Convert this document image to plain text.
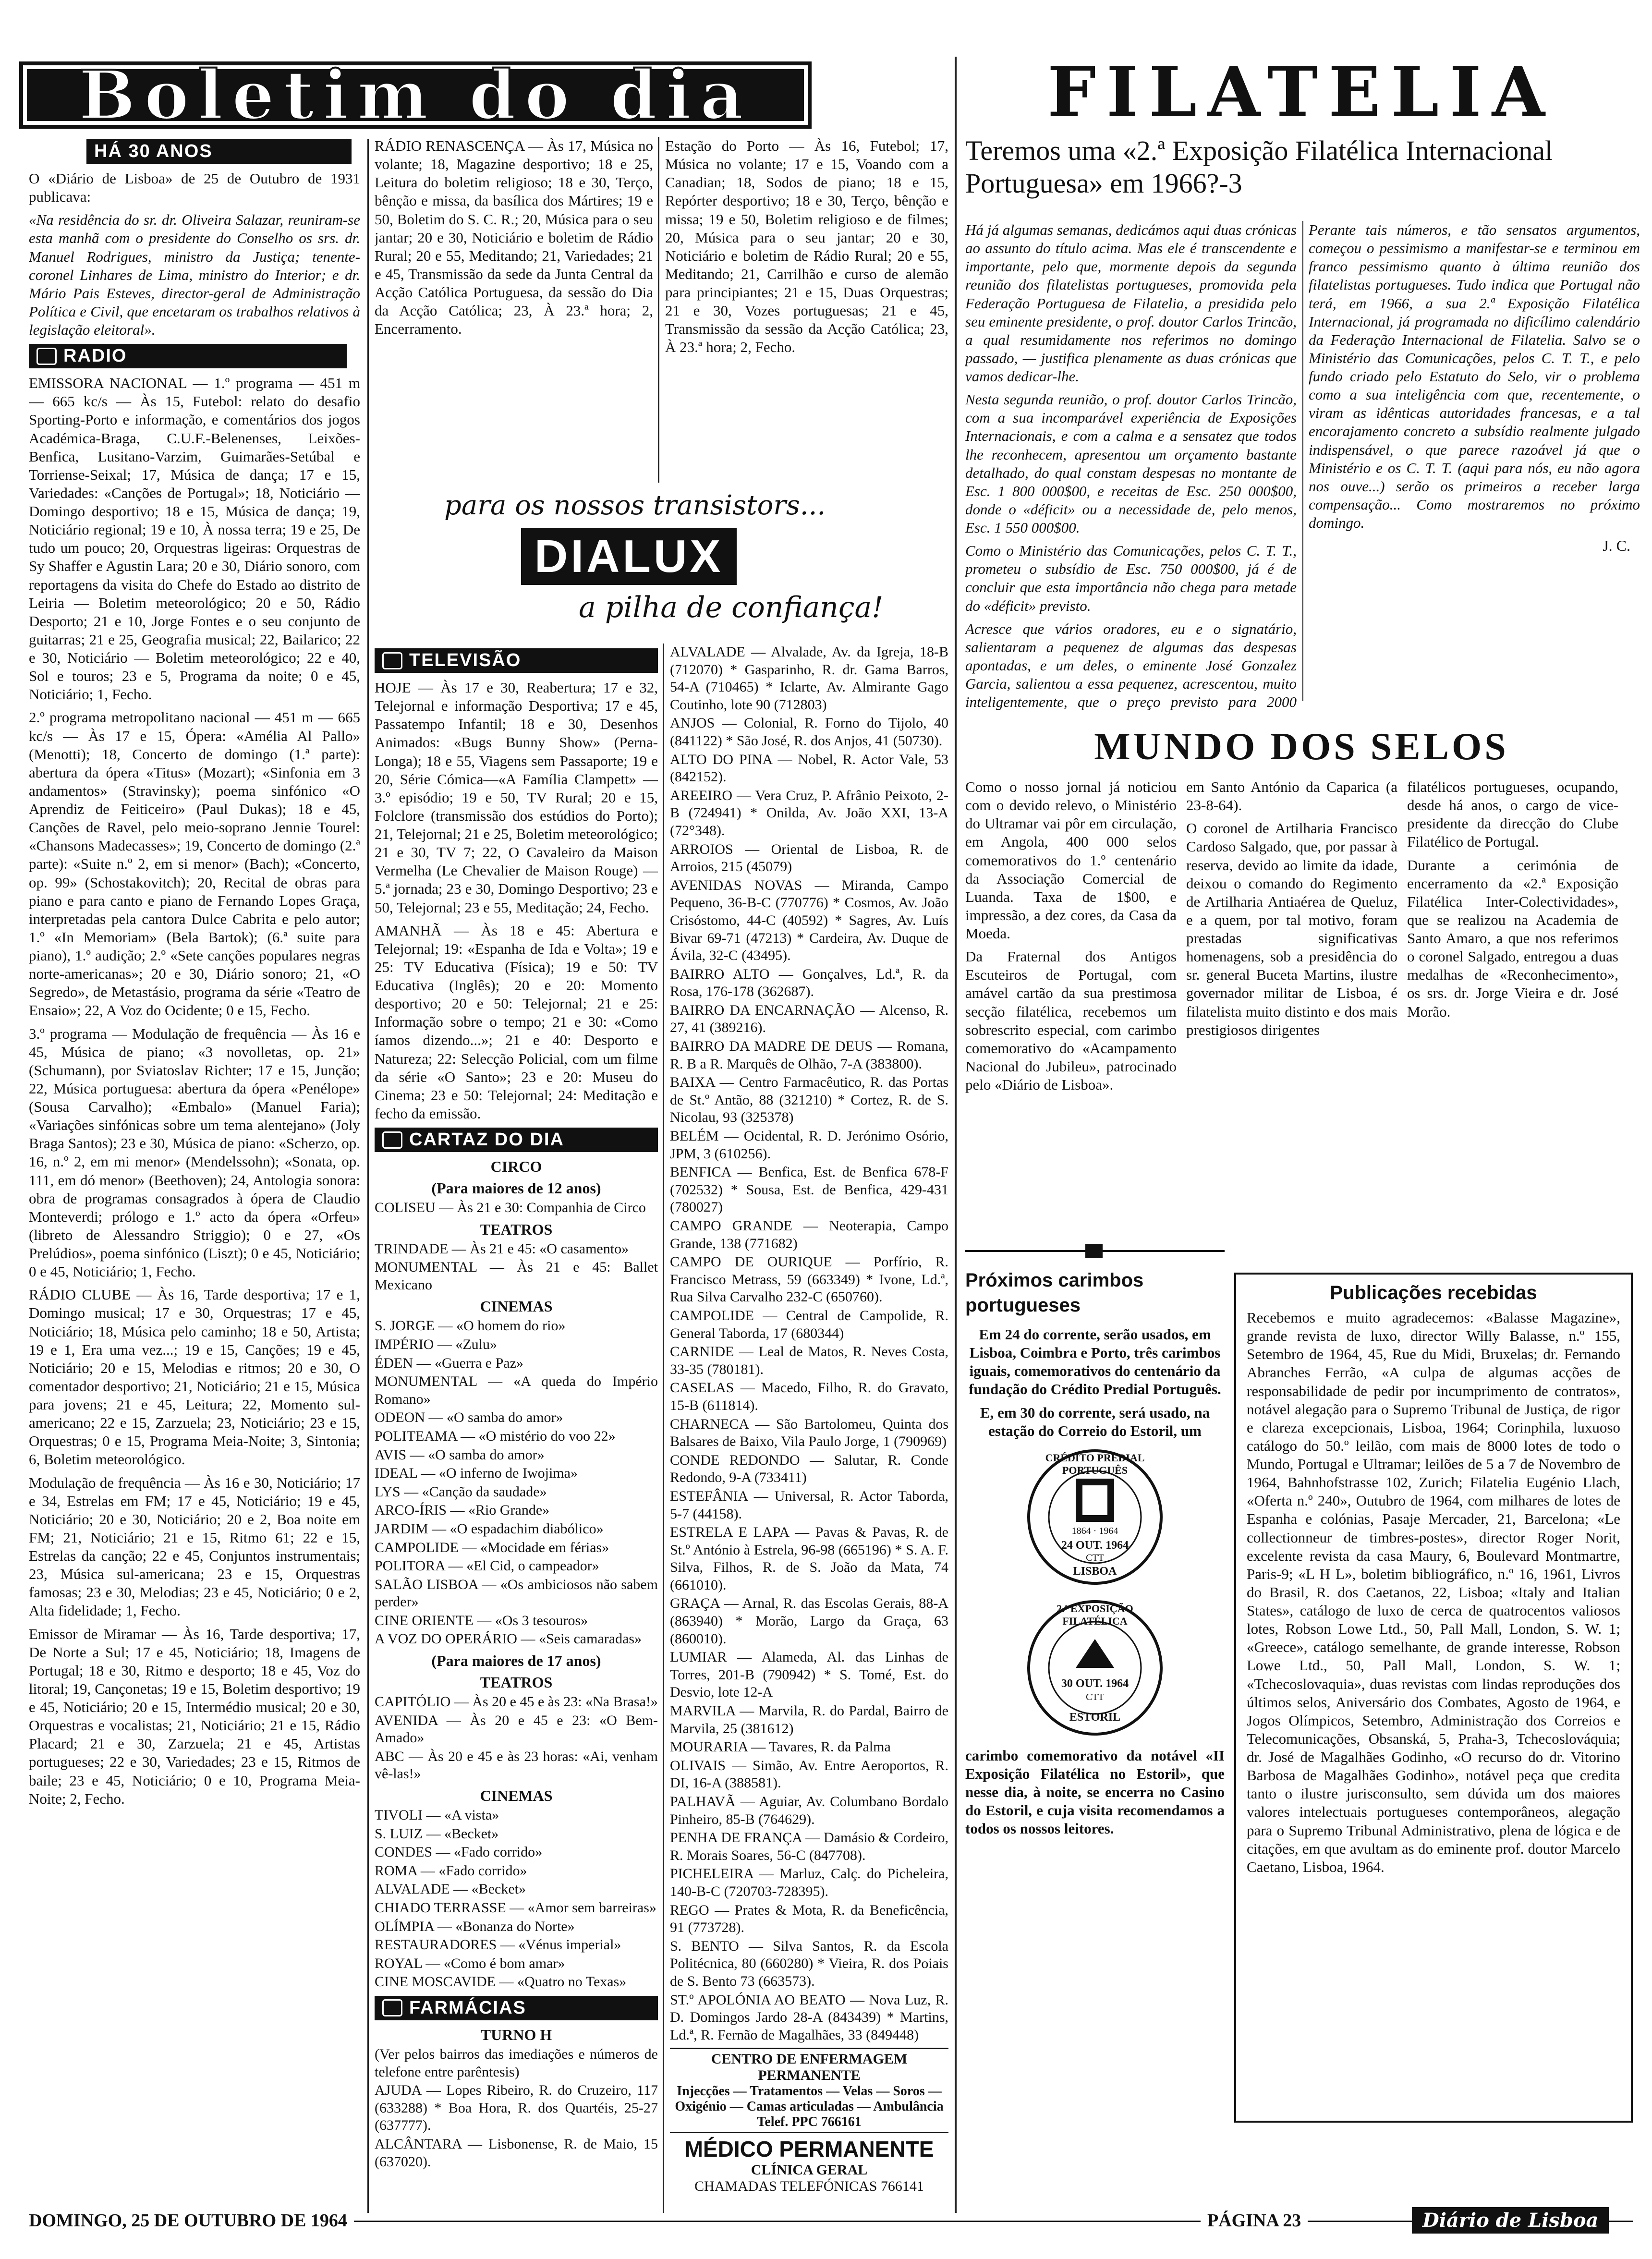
Boletim do dia
HÁ 30 ANOS

O «Diário de Lisboa» de 25 de Outubro de 1931 publicava:

«Na residência do sr. dr. Oliveira Salazar, reuniram-se esta manhã com o presidente do Conselho os srs. dr. Manuel Rodrigues, ministro da Justiça; tenente-coronel Linhares de Lima, ministro do Interior; e dr. Mário Pais Esteves, director-geral de Administração Política e Civil, que encetaram os trabalhos relativos à legislação eleitoral».

RADIO

EMISSORA NACIONAL — 1.º programa — 451 m — 665 kc/s — Às 15, Futebol: relato do desafio Sporting-Porto e informação, e comentários dos jogos Académica-Braga, C.U.F.-Belenenses, Leixões-Benfica, Lusitano-Varzim, Guimarães-Setúbal e Torriense-Seixal; 17, Música de dança; 17 e 15, Variedades: «Canções de Portugal»; 18, Noticiário — Domingo desportivo; 18 e 15, Música de dança; 19, Noticiário regional; 19 e 10, À nossa terra; 19 e 25, De tudo um pouco; 20, Orquestras ligeiras: Orquestras de Sy Shaffer e Agustin Lara; 20 e 30, Diário sonoro, com reportagens da visita do Chefe do Estado ao distrito de Leiria — Boletim meteorológico; 20 e 50, Rádio Desporto; 21 e 10, Jorge Fontes e o seu conjunto de guitarras; 21 e 25, Geografia musical; 22, Bailarico; 22 e 30, Noticiário — Boletim meteorológico; 22 e 40, Sol e touros; 23 e 5, Programa da noite; 0 e 45, Noticiário; 1, Fecho.

2.º programa metropolitano nacional — 451 m — 665 kc/s — Às 17 e 15, Ópera: «Amélia Al Pallo» (Menotti); 18, Concerto de domingo (1.ª parte): abertura da ópera «Titus» (Mozart); «Sinfonia em 3 andamentos» (Stravinsky); poema sinfónico «O Aprendiz de Feiticeiro» (Paul Dukas); 18 e 45, Canções de Ravel, pelo meio-soprano Jennie Tourel: «Chansons Madecasses»; 19, Concerto de domingo (2.ª parte): «Suite n.º 2, em si menor» (Bach); «Concerto, op. 99» (Schostakovitch); 20, Recital de obras para piano e para canto e piano de Fernando Lopes Graça, interpretadas pela cantora Dulce Cabrita e pelo autor; 1.º «In Memoriam» (Bela Bartok); (6.ª suite para piano), 1.º audição; 2.º «Sete canções populares negras norte-americanas»; 20 e 30, Diário sonoro; 21, «O Segredo», de Metastásio, programa da série «Teatro de Ensaio»; 22, A Voz do Ocidente; 0 e 15, Fecho.

3.º programa — Modulação de frequência — Às 16 e 45, Música de piano; «3 novolletas, op. 21» (Schumann), por Sviatoslav Richter; 17 e 15, Junção; 22, Música portuguesa: abertura da ópera «Penélope» (Sousa Carvalho); «Embalo» (Manuel Faria); «Variações sinfónicas sobre um tema alentejano» (Joly Braga Santos); 23 e 30, Música de piano: «Scherzo, op. 16, n.º 2, em mi menor» (Mendelssohn); «Sonata, op. 111, em dó menor» (Beethoven); 24, Antologia sonora: obra de programas consagrados à ópera de Claudio Monteverdi; prólogo e 1.º acto da ópera «Orfeu» (libreto de Alessandro Striggio); 0 e 27, «Os Prelúdios», poema sinfónico (Liszt); 0 e 45, Noticiário; 0 e 45, Noticiário; 1, Fecho.

RÁDIO CLUBE — Às 16, Tarde desportiva; 17 e 1, Domingo musical; 17 e 30, Orquestras; 17 e 45, Noticiário; 18, Música pelo caminho; 18 e 50, Artista; 19 e 1, Era uma vez...; 19 e 15, Canções; 19 e 45, Noticiário; 20 e 15, Melodias e ritmos; 20 e 30, O comentador desportivo; 21, Noticiário; 21 e 15, Música para jovens; 21 e 45, Leitura; 22, Momento sul-americano; 22 e 15, Zarzuela; 23, Noticiário; 23 e 15, Orquestras; 0 e 15, Programa Meia-Noite; 3, Sintonia; 6, Boletim meteorológico.

Modulação de frequência — Às 16 e 30, Noticiário; 17 e 34, Estrelas em FM; 17 e 45, Noticiário; 19 e 45, Noticiário; 20 e 30, Noticiário; 20 e 2, Boa noite em FM; 21, Noticiário; 21 e 15, Ritmo 61; 22 e 15, Estrelas da canção; 22 e 45, Conjuntos instrumentais; 23, Música sul-americana; 23 e 15, Orquestras famosas; 23 e 30, Melodias; 23 e 45, Noticiário; 0 e 2, Alta fidelidade; 1, Fecho.

Emissor de Miramar — Às 16, Tarde desportiva; 17, De Norte a Sul; 17 e 45, Noticiário; 18, Imagens de Portugal; 18 e 30, Ritmo e desporto; 18 e 45, Voz do litoral; 19, Cançonetas; 19 e 15, Boletim desportivo; 19 e 45, Noticiário; 20 e 15, Intermédio musical; 20 e 30, Orquestras e vocalistas; 21, Noticiário; 21 e 15, Rádio Placard; 21 e 30, Zarzuela; 21 e 45, Artistas portugueses; 22 e 30, Variedades; 23 e 15, Ritmos de baile; 23 e 45, Noticiário; 0 e 10, Programa Meia-Noite; 2, Fecho.

RÁDIO RENASCENÇA — Às 17, Música no volante; 18, Magazine desportivo; 18 e 25, Leitura do boletim religioso; 18 e 30, Terço, bênção e missa, da basílica dos Mártires; 19 e 50, Boletim do S. C. R.; 20, Música para o seu jantar; 20 e 30, Noticiário e boletim de Rádio Rural; 20 e 55, Meditando; 21, Variedades; 21 e 45, Transmissão da sede da Junta Central da Acção Católica Portuguesa, da sessão do Dia da Acção Católica; 23, À 23.ª hora; 2, Encerramento.

Estação do Porto — Às 16, Futebol; 17, Música no volante; 17 e 15, Voando com a Canadian; 18, Sodos de piano; 18 e 15, Repórter desportivo; 18 e 30, Terço, bênção e missa; 19 e 50, Boletim religioso e de filmes; 20, Música para o seu jantar; 20 e 30, Noticiário e boletim de Rádio Rural; 20 e 55, Meditando; 21, Carrilhão e curso de alemão para principiantes; 21 e 15, Duas Orquestras; 21 e 30, Vozes portuguesas; 21 e 45, Transmissão da sessão da Acção Católica; 23, À 23.ª hora; 2, Fecho.

para os nossos transistors...
DIALUX
a pilha de confiança!
TELEVISÃO

HOJE — Às 17 e 30, Reabertura; 17 e 32, Telejornal e informação Desportiva; 17 e 45, Passatempo Infantil; 18 e 30, Desenhos Animados: «Bugs Bunny Show» (Perna-Longa); 18 e 55, Viagens sem Passaporte; 19 e 20, Série Cómica—«A Família Clampett» — 3.º episódio; 19 e 50, TV Rural; 20 e 15, Folclore (transmissão dos estúdios do Porto); 21, Telejornal; 21 e 25, Boletim meteorológico; 21 e 30, TV 7; 22, O Cavaleiro da Maison Vermelha (Le Chevalier de Maison Rouge) — 5.ª jornada; 23 e 30, Domingo Desportivo; 23 e 50, Telejornal; 23 e 55, Meditação; 24, Fecho.

AMANHÃ — Às 18 e 45: Abertura e Telejornal; 19: «Espanha de Ida e Volta»; 19 e 25: TV Educativa (Física); 19 e 50: TV Educativa (Inglês); 20 e 20: Momento desportivo; 20 e 50: Telejornal; 21 e 25: Informação sobre o tempo; 21 e 30: «Como íamos dizendo...»; 21 e 40: Desporto e Natureza; 22: Selecção Policial, com um filme da série «O Santo»; 23 e 20: Museu do Cinema; 23 e 50: Telejornal; 24: Meditação e fecho da emissão.

CARTAZ DO DIA
CIRCO
(Para maiores de 12 anos)

COLISEU — Às 21 e 30: Companhia de Circo

TEATROS

TRINDADE — Às 21 e 45: «O casamento»

MONUMENTAL — Às 21 e 45: Ballet Mexicano

CINEMAS

S. JORGE — «O homem do rio»

IMPÉRIO — «Zulu»

ÉDEN — «Guerra e Paz»

MONUMENTAL — «A queda do Império Romano»

ODEON — «O samba do amor»

POLITEAMA — «O mistério do voo 22»

AVIS — «O samba do amor»

IDEAL — «O inferno de Iwojima»

LYS — «Canção da saudade»

ARCO-ÍRIS — «Rio Grande»

JARDIM — «O espadachim diabólico»

CAMPOLIDE — «Mocidade em férias»

POLITORA — «El Cid, o campeador»

SALÃO LISBOA — «Os ambiciosos não sabem perder»

CINE ORIENTE — «Os 3 tesouros»

A VOZ DO OPERÁRIO — «Seis camaradas»

(Para maiores de 17 anos)
TEATROS

CAPITÓLIO — Às 20 e 45 e às 23: «Na Brasa!»

AVENIDA — Às 20 e 45 e 23: «O Bem-Amado»

ABC — Às 20 e 45 e às 23 horas: «Ai, venham vê-las!»

CINEMAS

TIVOLI — «A vista»

S. LUIZ — «Becket»

CONDES — «Fado corrido»

ROMA — «Fado corrido»

ALVALADE — «Becket»

CHIADO TERRASSE — «Amor sem barreiras»

OLÍMPIA — «Bonanza do Norte»

RESTAURADORES — «Vénus imperial»

ROYAL — «Como é bom amar»

CINE MOSCAVIDE — «Quatro no Texas»

FARMÁCIAS
TURNO H

(Ver pelos bairros das imediações e números de telefone entre parêntesis)

AJUDA — Lopes Ribeiro, R. do Cruzeiro, 117 (633288) * Boa Hora, R. dos Quartéis, 25-27 (637777).

ALCÂNTARA — Lisbonense, R. de Maio, 15 (637020).

ALVALADE — Alvalade, Av. da Igreja, 18-B (712070) * Gasparinho, R. dr. Gama Barros, 54-A (710465) * Iclarte, Av. Almirante Gago Coutinho, lote 90 (712803)

ANJOS — Colonial, R. Forno do Tijolo, 40 (841122) * São José, R. dos Anjos, 41 (50730).

ALTO DO PINA — Nobel, R. Actor Vale, 53 (842152).

AREEIRO — Vera Cruz, P. Afrânio Peixoto, 2-B (724941) * Onilda, Av. João XXI, 13-A (72°348).

ARROIOS — Oriental de Lisboa, R. de Arroios, 215 (45079)

AVENIDAS NOVAS — Miranda, Campo Pequeno, 36-B-C (770776) * Cosmos, Av. João Crisóstomo, 44-C (40592) * Sagres, Av. Luís Bivar 69-71 (47213) * Cardeira, Av. Duque de Ávila, 32-C (43495).

BAIRRO ALTO — Gonçalves, Ld.ª, R. da Rosa, 176-178 (362687).

BAIRRO DA ENCARNAÇÃO — Alcenso, R. 27, 41 (389216).

BAIRRO DA MADRE DE DEUS — Romana, R. B a R. Marquês de Olhão, 7-A (383800).

BAIXA — Centro Farmacêutico, R. das Portas de St.º Antão, 88 (321210) * Cortez, R. de S. Nicolau, 93 (325378)

BELÉM — Ocidental, R. D. Jerónimo Osório, JPM, 3 (610256).

BENFICA — Benfica, Est. de Benfica 678-F (702532) * Sousa, Est. de Benfica, 429-431 (780027)

CAMPO GRANDE — Neoterapia, Campo Grande, 138 (771682)

CAMPO DE OURIQUE — Porfírio, R. Francisco Metrass, 59 (663349) * Ivone, Ld.ª, Rua Silva Carvalho 232-C (650760).

CAMPOLIDE — Central de Campolide, R. General Taborda, 17 (680344)

CARNIDE — Leal de Matos, R. Neves Costa, 33-35 (780181).

CASELAS — Macedo, Filho, R. do Gravato, 15-B (611814).

CHARNECA — São Bartolomeu, Quinta dos Balsares de Baixo, Vila Paulo Jorge, 1 (790969)

CONDE REDONDO — Salutar, R. Conde Redondo, 9-A (733411)

ESTEFÂNIA — Universal, R. Actor Taborda, 5-7 (44158).

ESTRELA E LAPA — Pavas & Pavas, R. de St.º António à Estrela, 96-98 (665196) * S. A. F. Silva, Filhos, R. de S. João da Mata, 74 (661010).

GRAÇA — Arnal, R. das Escolas Gerais, 88-A (863940) * Morão, Largo da Graça, 63 (860010).

LUMIAR — Alameda, Al. das Linhas de Torres, 201-B (790942) * S. Tomé, Est. do Desvio, lote 12-A

MARVILA — Marvila, R. do Pardal, Bairro de Marvila, 25 (381612)

MOURARIA — Tavares, R. da Palma

OLIVAIS — Simão, Av. Entre Aeroportos, R. DI, 16-A (388581).

PALHAVÃ — Aguiar, Av. Columbano Bordalo Pinheiro, 85-B (764629).

PENHA DE FRANÇA — Damásio & Cordeiro, R. Morais Soares, 56-C (847708).

PICHELEIRA — Marluz, Calç. do Picheleira, 140-B-C (720703-728395).

REGO — Prates & Mota, R. da Beneficência, 91 (773728).

S. BENTO — Silva Santos, R. da Escola Politécnica, 80 (660280) * Vieira, R. dos Poiais de S. Bento 73 (663573).

ST.º APOLÓNIA AO BEATO — Nova Luz, R. D. Domingos Jardo 28-A (843439) * Martins, Ld.ª, R. Fernão de Magalhães, 33 (849448)

CENTRO DE ENFERMAGEM
PERMANENTE
Injecções — Tratamentos — Velas — Soros — Oxigénio — Camas articuladas — Ambulância
Telef. PPC 766161
MÉDICO PERMANENTE
CLÍNICA GERAL
CHAMADAS TELEFÓNICAS 766141
FILATELIA
Teremos uma «2.ª Exposição Filatélica Internacional Portuguesa» em 1966?-3

Há já algumas semanas, dedicámos aqui duas crónicas ao assunto do título acima. Mas ele é transcendente e importante, pelo que, mormente depois da segunda reunião dos filatelistas portugueses, promovida pela Federação Portuguesa de Filatelia, a presidida pelo seu eminente presidente, o prof. doutor Carlos Trincão, a qual resumidamente nos referimos no domingo passado, — justifica plenamente as duas crónicas que vamos dedicar-lhe.

Nesta segunda reunião, o prof. doutor Carlos Trincão, com a sua incomparável experiência de Exposições Internacionais, e com a calma e a sensatez que todos lhe reconhecem, apresentou um orçamento bastante detalhado, do qual constam despesas no montante de Esc. 1 800 000$00, e receitas de Esc. 250 000$00, donde o «déficit» ou a necessidade de, pelo menos, Esc. 1 550 000$00.

Como o Ministério das Comunicações, pelos C. T. T., prometeu o subsídio de Esc. 750 000$00, já é de concluir que esta importância não chega para metade do «déficit» previsto.

Acresce que vários oradores, eu e o signatário, salientaram a pequenez de algumas das despesas apontadas, e um deles, o eminente José Gonzalez Garcia, salientou a essa pequenez, acrescentou, muito inteligentemente, que o preço previsto para 2000

Perante tais números, e tão sensatos argumentos, começou o pessimismo a manifestar-se e terminou em franco pessimismo quanto à última reunião dos filatelistas portugueses. Tudo indica que Portugal não terá, em 1966, a sua 2.ª Exposição Filatélica Internacional, já programada no dificílimo calendário da Federação Internacional de Filatelia. Salvo se o Ministério das Comunicações, pelos C. T. T., e pelo fundo criado pelo Estatuto do Selo, vir o problema como a sua inteligência com que, recentemente, o viram as idênticas autoridades francesas, e a tal encorajamento concreto a subsídio realmente julgado indispensável, o que parece razoável já que o Ministério e os C. T. T. (aqui para nós, eu não agora nos ouve...) serão os primeiros a receber larga compensação... Como mostraremos no próximo domingo.

J. C.

MUNDO DOS SELOS

Como o nosso jornal já noticiou com o devido relevo, o Ministério do Ultramar vai pôr em circulação, em Angola, 400 000 selos comemorativos do 1.º centenário da Associação Comercial de Luanda. Taxa de 1$00, e impressão, a dez cores, da Casa da Moeda.

Da Fraternal dos Antigos Escuteiros de Portugal, com amável cartão da sua prestimosa secção filatélica, recebemos um sobrescrito especial, com carimbo comemorativo do «Acampamento Nacional do Jubileu», patrocinado pelo «Diário de Lisboa».

em Santo António da Caparica (a 23-8-64).

O coronel de Artilharia Francisco Cardoso Salgado, que, por passar à reserva, devido ao limite da idade, deixou o comando do Regimento de Artilharia Antiaérea de Queluz, e a quem, por tal motivo, foram prestadas significativas homenagens, sob a presidência do sr. general Buceta Martins, ilustre governador militar de Lisboa, é filatelista muito distinto e dos mais prestigiosos dirigentes

filatélicos portugueses, ocupando, desde há anos, o cargo de vice-presidente da direcção do Clube Filatélico de Portugal.

Durante a cerimónia de encerramento da «2.ª Exposição Filatélica Inter-Colectividades», que se realizou na Academia de Santo Amaro, a que nos referimos o coronel Salgado, entregou a duas medalhas de «Reconhecimento», os srs. dr. Jorge Vieira e dr. José Morão.

Próximos carimbos portugueses

Em 24 do corrente, serão usados, em Lisboa, Coimbra e Porto, três carimbos iguais, comemorativos do centenário da fundação do Crédito Predial Português.

E, em 30 do corrente, será usado, na estação do Correio do Estoril, um

CRÉDITO PREDIAL PORTUGUÊS
1864 · 1964
24 OUT. 1964
CTT
LISBOA
2.ª EXPOSIÇÃO FILATÉLICA
30 OUT. 1964
CTT
ESTORIL

carimbo comemorativo da notável «II Exposição Filatélica no Estoril», que nesse dia, à noite, se encerra no Casino do Estoril, e cuja visita recomendamos a todos os nossos leitores.

Publicações recebidas

Recebemos e muito agradecemos: «Balasse Magazine», grande revista de luxo, director Willy Balasse, n.º 155, Setembro de 1964, 45, Rue du Midi, Bruxelas; dr. Fernando Abranches Ferrão, «A culpa de algumas acções de responsabilidade de pedir por incumprimento de contratos», notável alegação para o Supremo Tribunal de Justiça, de rigor e clareza excepcionais, Lisboa, 1964; Corinphila, luxuoso catálogo do 50.º leilão, com mais de 8000 lotes de todo o Mundo, Portugal e Ultramar; leilões de 5 a 7 de Novembro de 1964, Bahnhofstrasse 102, Zurich; Filatelia Eugénio Llach, «Oferta n.º 240», Outubro de 1964, com milhares de lotes de Espanha e colónias, Pasaje Mercader, 21, Barcelona; «Le collectionneur de timbres-postes», director Roger Norit, excelente revista da casa Maury, 6, Boulevard Montmartre, Paris-9; «L H L», boletim bibliográfico, n.º 16, 1961, Livros do Brasil, R. dos Caetanos, 22, Lisboa; «Italy and Italian States», catálogo de luxo de cerca de quatrocentos valiosos lotes, Robson Lowe Ltd., 50, Pall Mall, London, S. W. 1; «Greece», catálogo semelhante, de grande interesse, Robson Lowe Ltd., 50, Pall Mall, London, S. W. 1; «Tchecoslovaquia», duas revistas com lindas reproduções dos últimos selos, Aniversário dos Combates, Agosto de 1964, e Jogos Olímpicos, Setembro, Administração dos Correios e Telecomunicações, Obsanská, 5, Praha-3, Tchecoslováquia; dr. José de Magalhães Godinho, «O recurso do dr. Vitorino Barbosa de Magalhães Godinho», notável peça que credita tanto o ilustre jurisconsulto, sem dúvida um dos maiores valores intelectuais portugueses contemporâneos, alegação para o Supremo Tribunal Administrativo, plena de lógica e de citações, em que avultam as do eminente prof. doutor Marcelo Caetano, Lisboa, 1964.

DOMINGO, 25 DE OUTUBRO DE 1964	PÁGINA 23	Diário de Lisboa
